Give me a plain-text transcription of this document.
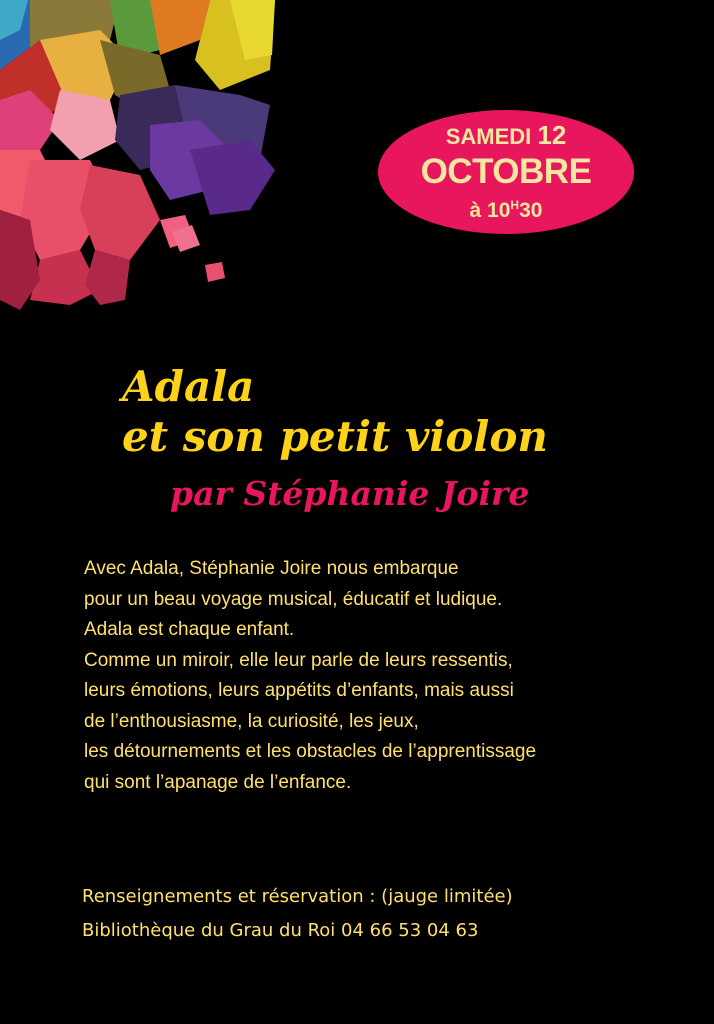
SAMEDI 12
OCTOBRE
à $10^H30$
Adala
et son petit violon
par Stéphanie Joire
Avec Adala, Stéphanie Joire nous embarque
pour un beau voyage musical, éducatif et ludique.
Adala est chaque enfant.
Comme un miroir, elle leur parle de leurs ressentis,
leurs émotions, leurs appétits d’enfants, mais aussi
de l’enthousiasme, la curiosité, les jeux,
les détournements et les obstacles de l’apprentissage
qui sont l’apanage de l’enfance.
Renseignements et réservation : (jauge limitée)
Bibliothèque du Grau du Roi 04 66 53 04 63
